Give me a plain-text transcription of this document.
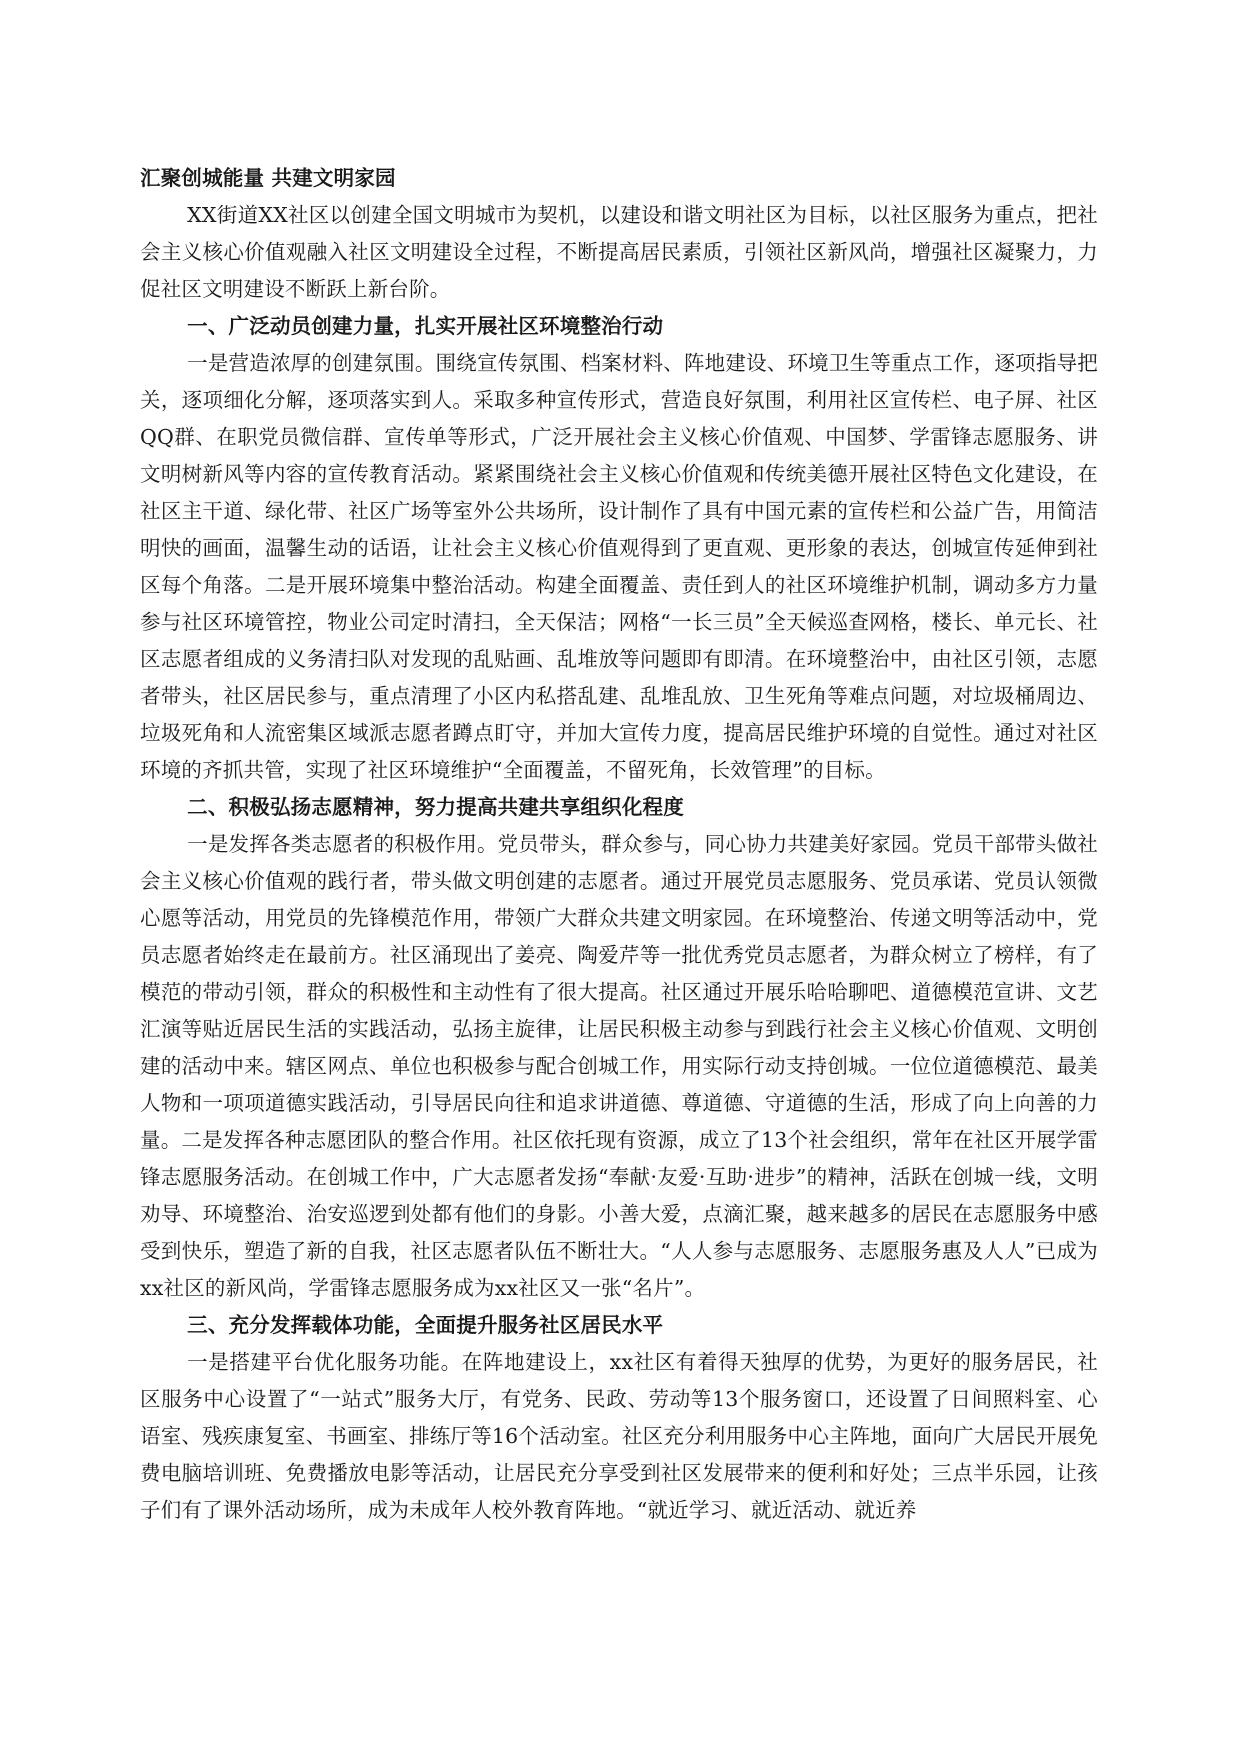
汇聚创城能量 共建文明家园

XX街道XX社区以创建全国文明城市为契机，以建设和谐文明社区为目标，以社区服务为重点，把社会主义核心价值观融入社区文明建设全过程，不断提高居民素质，引领社区新风尚，增强社区凝聚力，力促社区文明建设不断跃上新台阶。

一、广泛动员创建力量，扎实开展社区环境整治行动

一是营造浓厚的创建氛围。围绕宣传氛围、档案材料、阵地建设、环境卫生等重点工作，逐项指导把关，逐项细化分解，逐项落实到人。采取多种宣传形式，营造良好氛围，利用社区宣传栏、电子屏、社区QQ群、在职党员微信群、宣传单等形式，广泛开展社会主义核心价值观、中国梦、学雷锋志愿服务、讲文明树新风等内容的宣传教育活动。紧紧围绕社会主义核心价值观和传统美德开展社区特色文化建设，在社区主干道、绿化带、社区广场等室外公共场所，设计制作了具有中国元素的宣传栏和公益广告，用简洁明快的画面，温馨生动的话语，让社会主义核心价值观得到了更直观、更形象的表达，创城宣传延伸到社区每个角落。二是开展环境集中整治活动。构建全面覆盖、责任到人的社区环境维护机制，调动多方力量参与社区环境管控，物业公司定时清扫，全天保洁；网格“一长三员”全天候巡查网格，楼长、单元长、社区志愿者组成的义务清扫队对发现的乱贴画、乱堆放等问题即有即清。在环境整治中，由社区引领，志愿者带头，社区居民参与，重点清理了小区内私搭乱建、乱堆乱放、卫生死角等难点问题，对垃圾桶周边、垃圾死角和人流密集区域派志愿者蹲点盯守，并加大宣传力度，提高居民维护环境的自觉性。通过对社区环境的齐抓共管，实现了社区环境维护“全面覆盖，不留死角，长效管理”的目标。

二、积极弘扬志愿精神，努力提高共建共享组织化程度

一是发挥各类志愿者的积极作用。党员带头，群众参与，同心协力共建美好家园。党员干部带头做社会主义核心价值观的践行者，带头做文明创建的志愿者。通过开展党员志愿服务、党员承诺、党员认领微心愿等活动，用党员的先锋模范作用，带领广大群众共建文明家园。在环境整治、传递文明等活动中，党员志愿者始终走在最前方。社区涌现出了姜亮、陶爱芹等一批优秀党员志愿者，为群众树立了榜样，有了模范的带动引领，群众的积极性和主动性有了很大提高。社区通过开展乐哈哈聊吧、道德模范宣讲、文艺汇演等贴近居民生活的实践活动，弘扬主旋律，让居民积极主动参与到践行社会主义核心价值观、文明创建的活动中来。辖区网点、单位也积极参与配合创城工作，用实际行动支持创城。一位位道德模范、最美人物和一项项道德实践活动，引导居民向往和追求讲道德、尊道德、守道德的生活，形成了向上向善的力量。二是发挥各种志愿团队的整合作用。社区依托现有资源，成立了13个社会组织，常年在社区开展学雷锋志愿服务活动。在创城工作中，广大志愿者发扬“奉献·友爱·互助·进步”的精神，活跃在创城一线，文明劝导、环境整治、治安巡逻到处都有他们的身影。小善大爱，点滴汇聚，越来越多的居民在志愿服务中感受到快乐，塑造了新的自我，社区志愿者队伍不断壮大。“人人参与志愿服务、志愿服务惠及人人”已成为xx社区的新风尚，学雷锋志愿服务成为xx社区又一张“名片”。

三、充分发挥载体功能，全面提升服务社区居民水平

一是搭建平台优化服务功能。在阵地建设上，xx社区有着得天独厚的优势，为更好的服务居民，社区服务中心设置了“一站式”服务大厅，有党务、民政、劳动等13个服务窗口，还设置了日间照料室、心语室、残疾康复室、书画室、排练厅等16个活动室。社区充分利用服务中心主阵地，面向广大居民开展免费电脑培训班、免费播放电影等活动，让居民充分享受到社区发展带来的便利和好处；三点半乐园，让孩子们有了课外活动场所，成为未成年人校外教育阵地。“就近学习、就近活动、就近养
